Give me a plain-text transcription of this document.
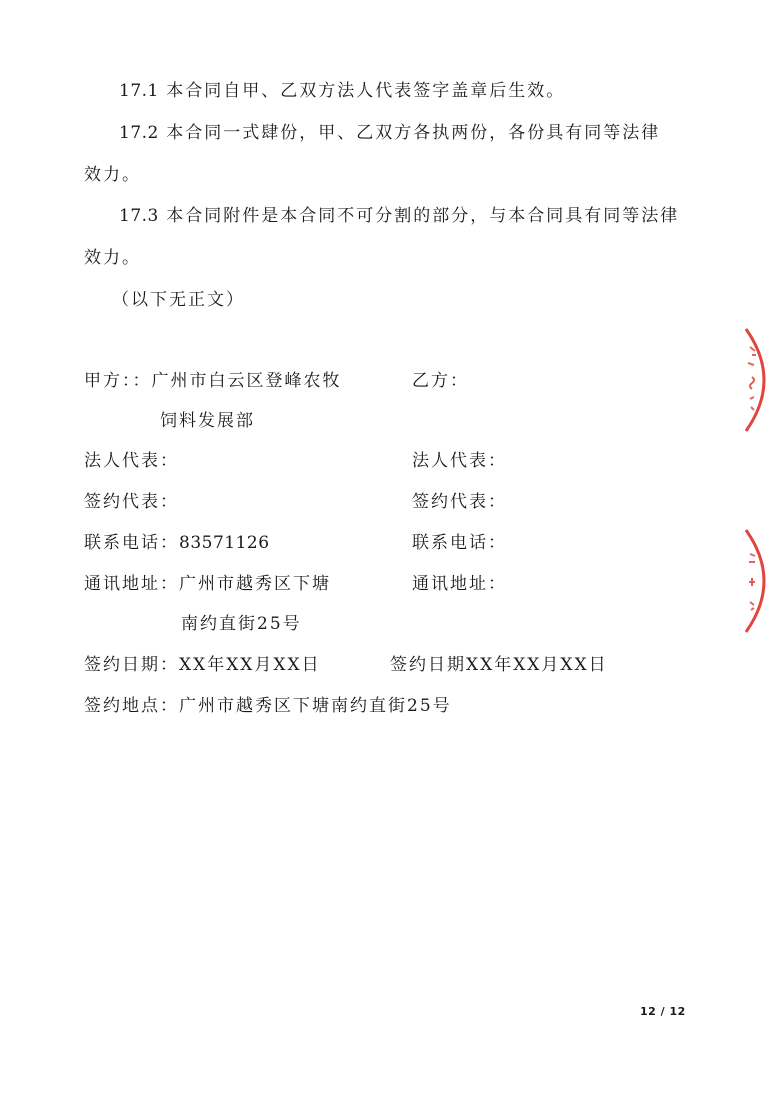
17.1 本合同自甲、乙双方法人代表签字盖章后生效。
17.2 本合同一式肆份，甲、乙双方各执两份，各份具有同等法律
效力。
17.3 本合同附件是本合同不可分割的部分，与本合同具有同等法律
效力。
（以下无正文）
甲方：：广州市白云区登峰农牧
饲料发展部
法人代表：
签约代表：
联系电话：83571126
通讯地址：广州市越秀区下塘
南约直街25号
签约日期：XX年XX月XX日
签约地点：广州市越秀区下塘南约直街25号
乙方：
法人代表：
签约代表：
联系电话：
通讯地址：
签约日期XX年XX月XX日
12 / 12
